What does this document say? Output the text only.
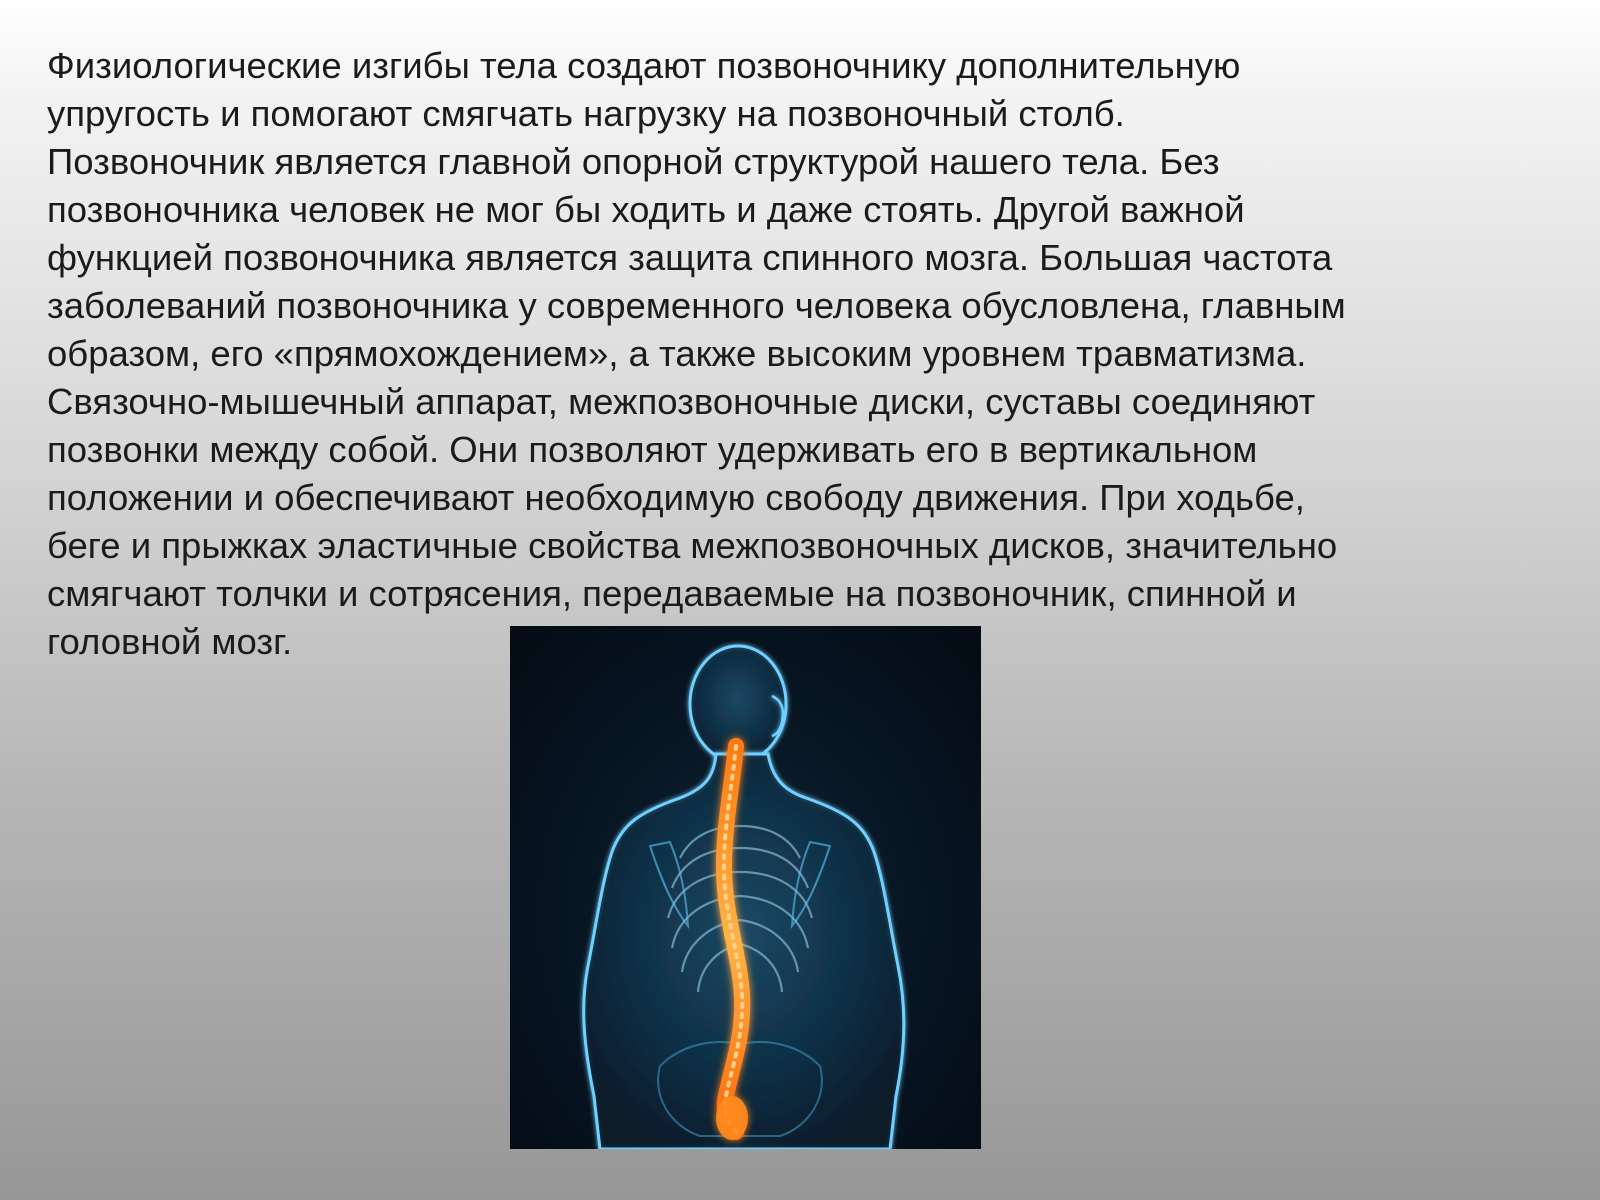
Физиологические изгибы тела создают позвоночнику дополнительную
упругость и помогают смягчать нагрузку на позвоночный столб.
Позвоночник является главной опорной структурой нашего тела. Без
позвоночника человек не мог бы ходить и даже стоять. Другой важной
функцией позвоночника является защита спинного мозга. Большая частота
заболеваний позвоночника у современного человека обусловлена, главным
образом, его «прямохождением», а также высоким уровнем травматизма.
Связочно-мышечный аппарат, межпозвоночные диски, суставы соединяют
позвонки между собой. Они позволяют удерживать его в вертикальном
положении и обеспечивают необходимую свободу движения. При ходьбе,
беге и прыжках эластичные свойства межпозвоночных дисков, значительно
смягчают толчки и сотрясения, передаваемые на позвоночник, спинной и
головной мозг.
